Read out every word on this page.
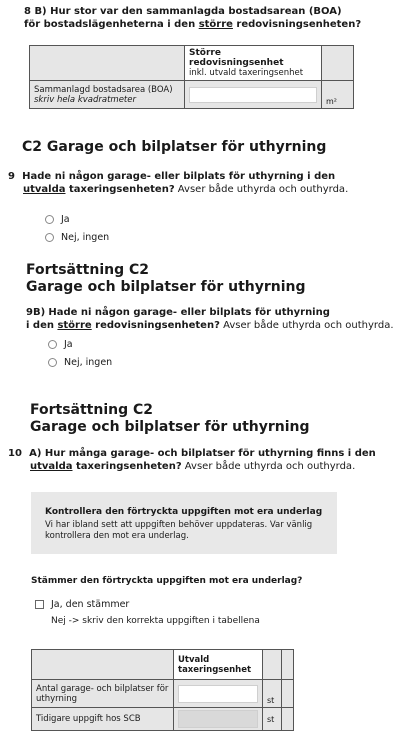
8 B) Hur stor var den sammanlagda bostadsarean (BOA)
för bostadslägenheterna i den större redovisningsenheten?

	Större redovisningsenhet
inkl. utvald taxeringsenhet	

Sammanlagd bostadsarea (BOA)
skriv hela kvadratmeter		m²
C2 Garage och bilplatser för uthyrning
9 Hade ni någon garage- eller bilplats för uthyrning i den
utvalda taxeringsenheten? Avser både uthyrda och outhyrda.
Ja
Nej, ingen
Fortsättning C2
Garage och bilplatser för uthyrning
9B) Hade ni någon garage- eller bilplats för uthyrning
i den större redovisningsenheten? Avser både uthyrda och outhyrda.
Ja
Nej, ingen
Fortsättning C2
Garage och bilplatser för uthyrning
10 A) Hur många garage- och bilplatser för uthyrning finns i den
utvalda taxeringsenheten? Avser både uthyrda och outhyrda.
Kontrollera den förtryckta uppgiften mot era underlag
Vi har ibland sett att uppgiften behöver uppdateras. Var vänlig kontrollera den mot era underlag.
Stämmer den förtryckta uppgiften mot era underlag?
Ja, den stämmer
Nej -> skriv den korrekta uppgiften i tabellena

	Utvald
taxeringsenhet		

Antal garage- och bilplatser för uthyrning		st	
Tidigare uppgift hos SCB		st	
